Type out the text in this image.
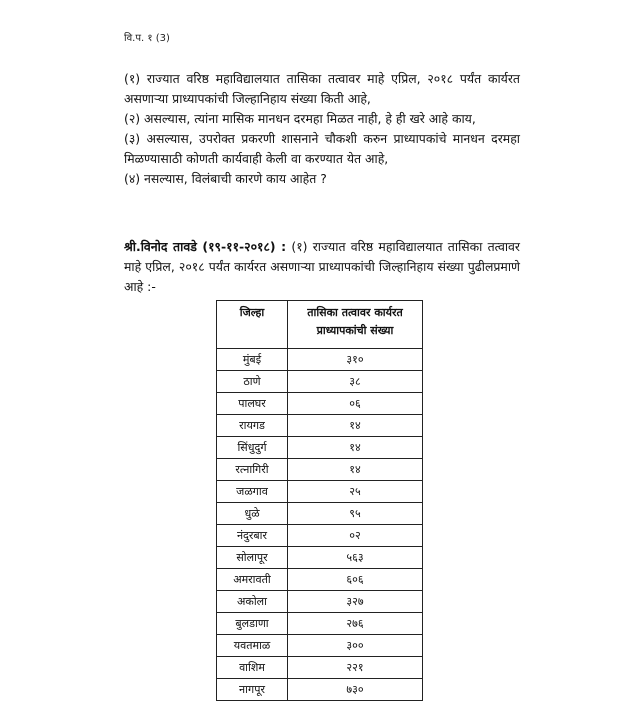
वि.प. १ (3)

(१) राज्यात वरिष्ठ महाविद्यालयात तासिका तत्वावर माहे एप्रिल, २०१८ पर्यंत कार्यरत असणाऱ्या प्राध्यापकांची जिल्हानिहाय संख्या किती आहे,

(२) असल्यास, त्यांना मासिक मानधन दरमहा मिळत नाही, हे ही खरे आहे काय,

(३) असल्यास, उपरोक्त प्रकरणी शासनाने चौकशी करुन प्राध्यापकांचे मानधन दरमहा मिळण्यासाठी कोणती कार्यवाही केली वा करण्यात येत आहे,

(४) नसल्यास, विलंबाची कारणे काय आहेत ?

श्री.विनोद तावडे (१९-११-२०१८) : (१) राज्यात वरिष्ठ महाविद्यालयात तासिका तत्वावर माहे एप्रिल, २०१८ पर्यंत कार्यरत असणाऱ्या प्राध्यापकांची जिल्हानिहाय संख्या पुढीलप्रमाणे आहे :-
जिल्हा	तासिका तत्वावर कार्यरत प्राध्यापकांची संख्या
मुंबई	३१०
ठाणे	३८
पालघर	०६
रायगड	१४
सिंधुदुर्ग	१४
रत्नागिरी	१४
जळगाव	२५
धुळे	९५
नंदुरबार	०२
सोलापूर	५६३
अमरावती	६०६
अकोला	३२७
बुलडाणा	२७६
यवतमाळ	३००
वाशिम	२२१
नागपूर	७३०
